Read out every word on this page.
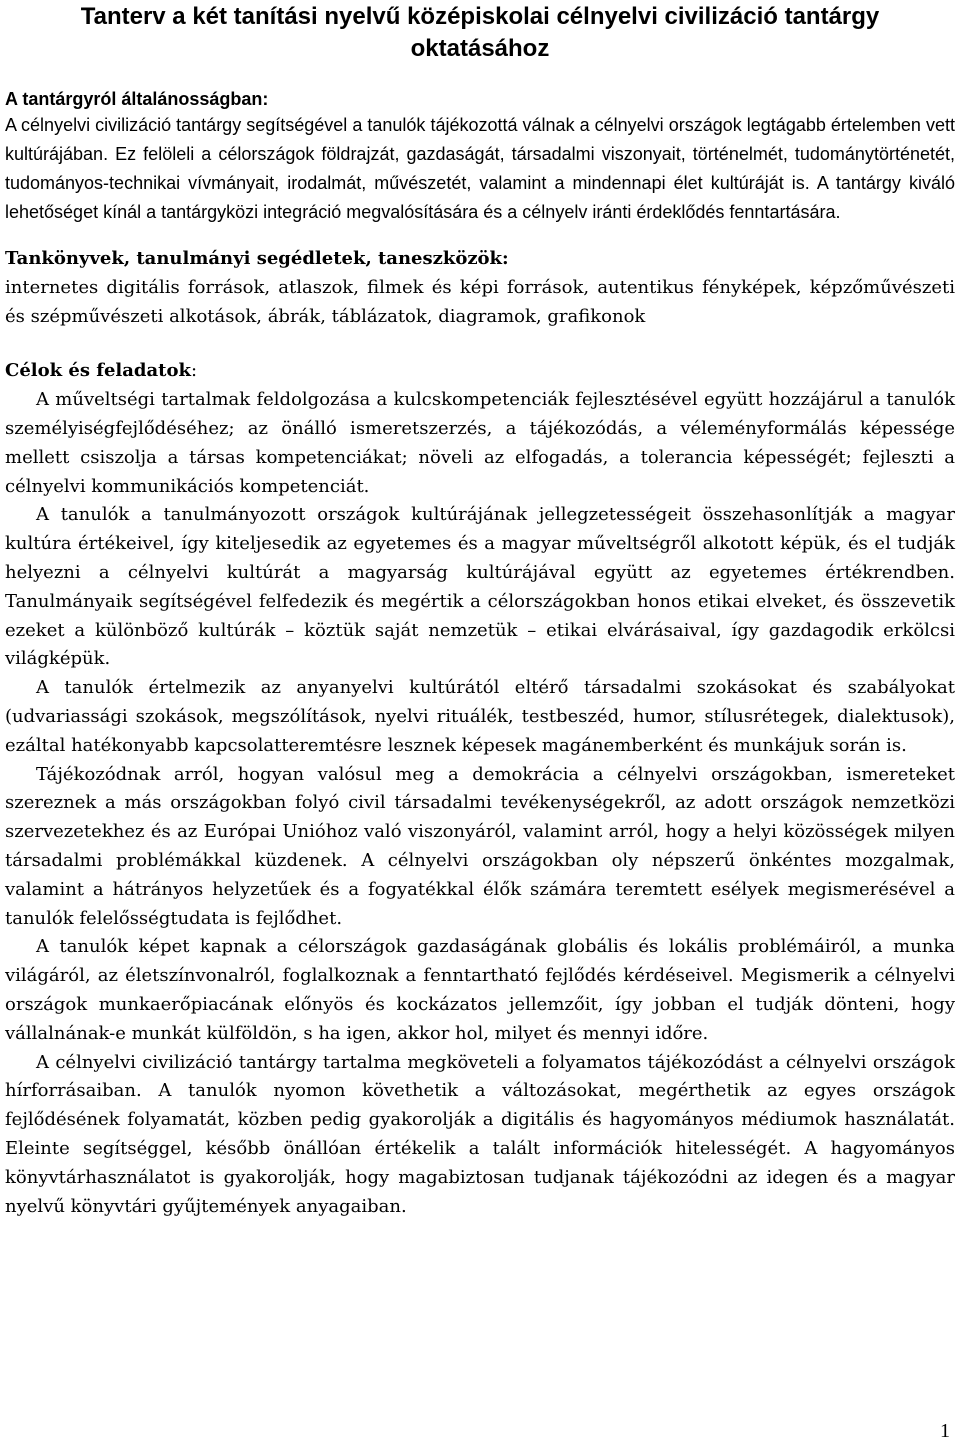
Tanterv a két tanítási nyelvű középiskolai célnyelvi civilizáció tantárgy
oktatásához

A tantárgyról általánosságban:

A célnyelvi civilizáció tantárgy segítségével a tanulók tájékozottá válnak a célnyelvi országok legtágabb értelemben vett kultúrájában. Ez felöleli a célországok földrajzát, gazdaságát, társadalmi viszonyait, történelmét, tudománytörténetét, tudományos-technikai vívmányait, irodalmát, művészetét, valamint a mindennapi élet kultúráját is. A tantárgy kiváló lehetőséget kínál a tantárgyközi integráció megvalósítására és a célnyelv iránti érdeklődés fenntartására.

Tankönyvek, tanulmányi segédletek, taneszközök:

internetes digitális források, atlaszok, filmek és képi források, autentikus fényképek, képzőművészeti és szépművészeti alkotások, ábrák, táblázatok, diagramok, grafikonok

Célok és feladatok:

A műveltségi tartalmak feldolgozása a kulcskompetenciák fejlesztésével együtt hozzájárul a tanulók személyiségfejlődéséhez; az önálló ismeretszerzés, a tájékozódás, a véleményformálás képessége mellett csiszolja a társas kompetenciákat; növeli az elfogadás, a tolerancia képességét; fejleszti a célnyelvi kommunikációs kompetenciát.

A tanulók a tanulmányozott országok kultúrájának jellegzetességeit összehasonlítják a magyar kultúra értékeivel, így kiteljesedik az egyetemes és a magyar műveltségről alkotott képük, és el tudják helyezni a célnyelvi kultúrát a magyarság kultúrájával együtt az egyetemes értékrendben. Tanulmányaik segítségével felfedezik és megértik a célországokban honos etikai elveket, és összevetik ezeket a különböző kultúrák – köztük saját nemzetük – etikai elvárásaival, így gazdagodik erkölcsi világképük.

A tanulók értelmezik az anyanyelvi kultúrától eltérő társadalmi szokásokat és szabályokat (udvariassági szokások, megszólítások, nyelvi rituálék, testbeszéd, humor, stílusrétegek, dialektusok), ezáltal hatékonyabb kapcsolatteremtésre lesznek képesek magánemberként és munkájuk során is.

Tájékozódnak arról, hogyan valósul meg a demokrácia a célnyelvi országokban, ismereteket szereznek a más országokban folyó civil társadalmi tevékenységekről, az adott országok nemzetközi szervezetekhez és az Európai Unióhoz való viszonyáról, valamint arról, hogy a helyi közösségek milyen társadalmi problémákkal küzdenek. A célnyelvi országokban oly népszerű önkéntes mozgalmak, valamint a hátrányos helyzetűek és a fogyatékkal élők számára teremtett esélyek megismerésével a tanulók felelősségtudata is fejlődhet.

A tanulók képet kapnak a célországok gazdaságának globális és lokális problémáiról, a munka világáról, az életszínvonalról, foglalkoznak a fenntartható fejlődés kérdéseivel. Megismerik a célnyelvi országok munkaerőpiacának előnyös és kockázatos jellemzőit, így jobban el tudják dönteni, hogy vállalnának-e munkát külföldön, s ha igen, akkor hol, milyet és mennyi időre.

A célnyelvi civilizáció tantárgy tartalma megköveteli a folyamatos tájékozódást a célnyelvi országok hírforrásaiban. A tanulók nyomon követhetik a változásokat, megérthetik az egyes országok fejlődésének folyamatát, közben pedig gyakorolják a digitális és hagyományos médiumok használatát. Eleinte segítséggel, később önállóan értékelik a talált információk hitelességét. A hagyományos könyvtárhasználatot is gyakorolják, hogy magabiztosan tudjanak tájékozódni az idegen és a magyar nyelvű könyvtári gyűjtemények anyagaiban.

1
